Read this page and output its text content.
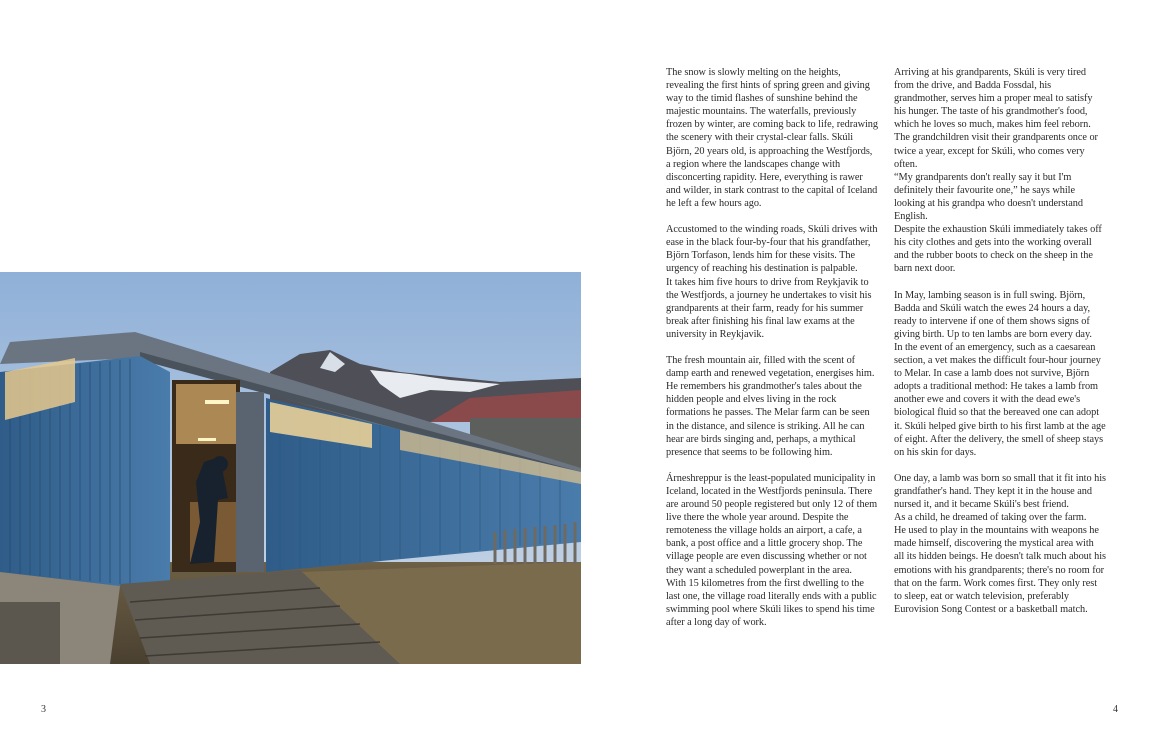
The snow is slowly melting on the heights, revealing the first hints of spring green and giving way to the timid flashes of sunshine behind the majestic mountains. The waterfalls, previously frozen by winter, are coming back to life, redrawing the scenery with their crystal-clear falls. Skúli Björn, 20 years old, is approaching the Westfjords, a region where the landscapes change with disconcerting rapidity. Here, everything is rawer and wilder, in stark contrast to the capital of Iceland he left a few hours ago.

Accustomed to the winding roads, Skúli drives with ease in the black four-by-four that his grandfather, Björn Torfason, lends him for these visits. The urgency of reaching his destination is palpable.
It takes him five hours to drive from Reykjavik to the Westfjords, a journey he undertakes to visit his grandparents at their farm, ready for his summer break after finishing his final law exams at the university in Reykjavik.

The fresh mountain air, filled with the scent of damp earth and renewed vegetation, energises him. He remembers his grandmother's tales about the hidden people and elves living in the rock formations he passes. The Melar farm can be seen in the distance, and silence is striking. All he can hear are birds singing and, perhaps, a mythical presence that seems to be following him.

Árneshreppur is the least-populated municipality in Iceland, located in the Westfjords peninsula. There are around 50 people registered but only 12 of them live there the whole year around. Despite the remoteness the village holds an airport, a cafe, a bank, a post office and a little grocery shop. The village people are even discussing whether or not they want a scheduled powerplant in the area.
With 15 kilometres from the first dwelling to the last one, the village road literally ends with a public swimming pool where Skúli likes to spend his time after a long day of work.

Arriving at his grandparents, Skúli is very tired from the drive, and Badda Fossdal, his grandmother, serves him a proper meal to satisfy his hunger. The taste of his grandmother's food, which he loves so much, makes him feel reborn. The grandchildren visit their grandparents once or twice a year, except for Skúli, who comes very often.
“My grandparents don't really say it but I'm definitely their favourite one,” he says while looking at his grandpa who doesn't understand English.
Despite the exhaustion Skúli immediately takes off his city clothes and gets into the working overall and the rubber boots to check on the sheep in the barn next door.

In May, lambing season is in full swing. Björn, Badda and Skúli watch the ewes 24 hours a day, ready to intervene if one of them shows signs of giving birth. Up to ten lambs are born every day.
In the event of an emergency, such as a caesarean section, a vet makes the difficult four-hour journey to Melar. In case a lamb does not survive, Björn adopts a traditional method: He takes a lamb from another ewe and covers it with the dead ewe's biological fluid so that the bereaved one can adopt it. Skúli helped give birth to his first lamb at the age of eight. After the delivery, the smell of sheep stays on his skin for days.

One day, a lamb was born so small that it fit into his grandfather's hand. They kept it in the house and nursed it, and it became Skúli's best friend.
As a child, he dreamed of taking over the farm.
He used to play in the mountains with weapons he made himself, discovering the mystical area with all its hidden beings. He doesn't talk much about his emotions with his grandparents; there's no room for that on the farm. Work comes first. They only rest to sleep, eat or watch television, preferably Eurovision Song Contest or a basketball match.

3	4
